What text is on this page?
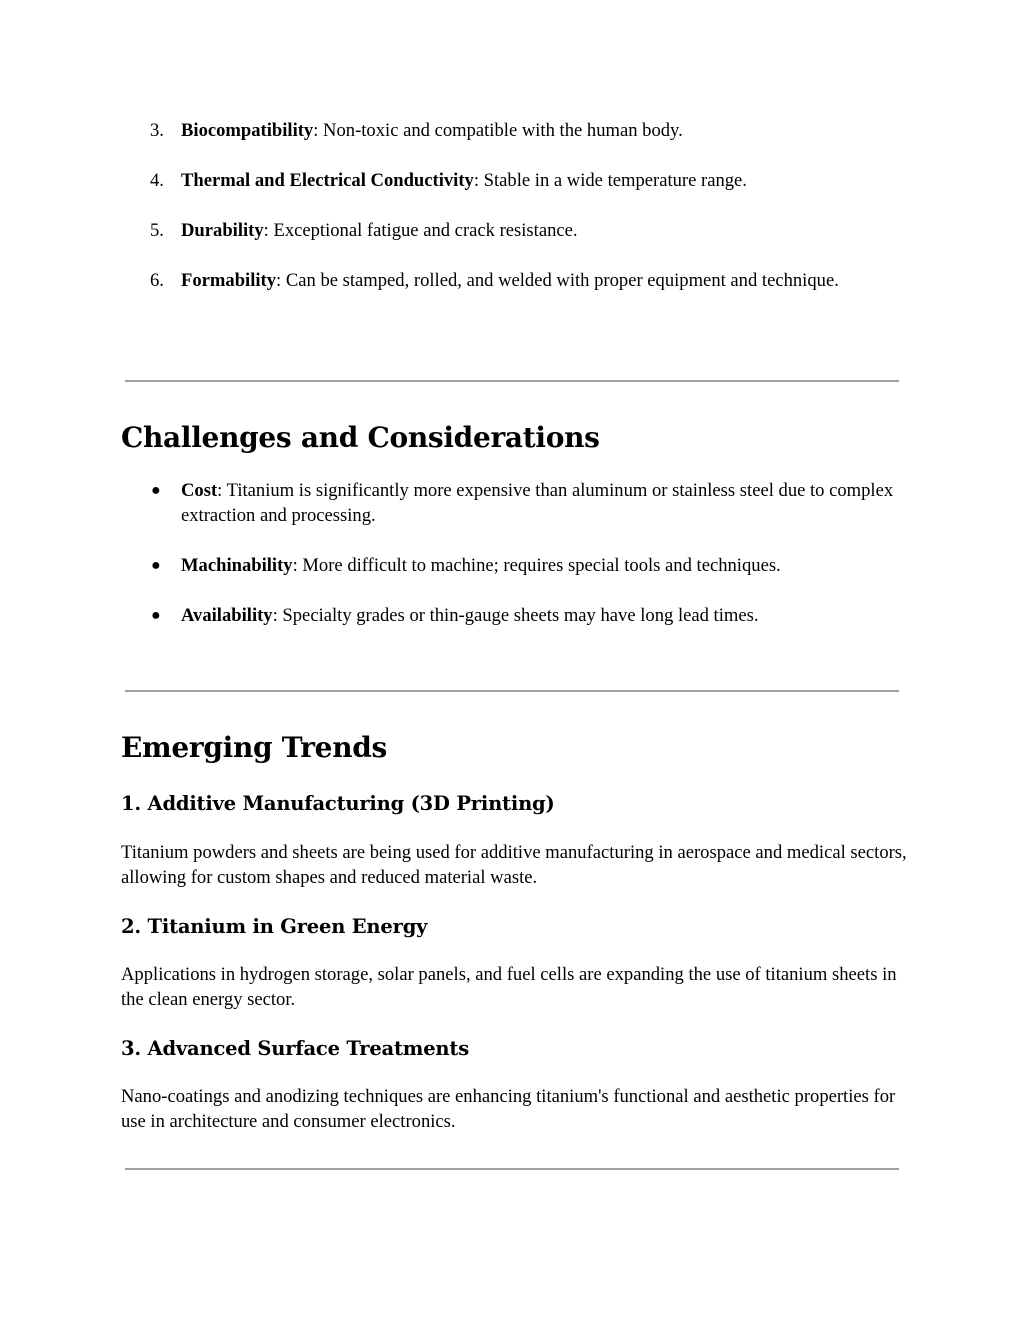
3. Biocompatibility: Non-toxic and compatible with the human body.
4. Thermal and Electrical Conductivity: Stable in a wide temperature range.
5. Durability: Exceptional fatigue and crack resistance.
6. Formability: Can be stamped, rolled, and welded with proper equipment and technique.
Challenges and Considerations
● Cost: Titanium is significantly more expensive than aluminum or stainless steel due to complex extraction and processing.
● Machinability: More difficult to machine; requires special tools and techniques.
● Availability: Specialty grades or thin-gauge sheets may have long lead times.
Emerging Trends
1. Additive Manufacturing (3D Printing)

Titanium powders and sheets are being used for additive manufacturing in aerospace and medical sectors, allowing for custom shapes and reduced material waste.

2. Titanium in Green Energy

Applications in hydrogen storage, solar panels, and fuel cells are expanding the use of titanium sheets in the clean energy sector.

3. Advanced Surface Treatments

Nano-coatings and anodizing techniques are enhancing titanium's functional and aesthetic properties for use in architecture and consumer electronics.
